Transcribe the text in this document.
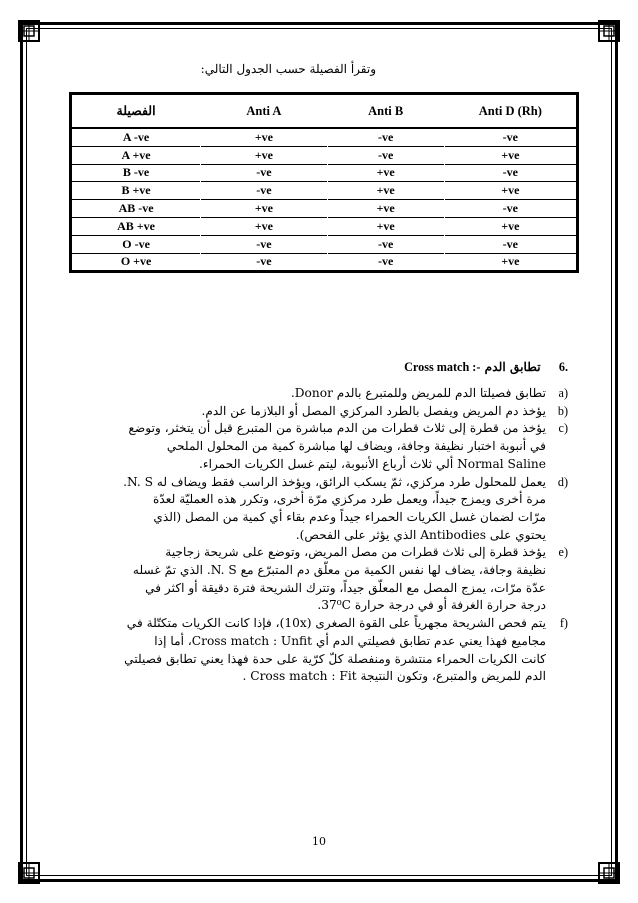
وتقرأ الفصيلة حسب الجدول التالي:
الفصيلة	Anti A	Anti B	Anti D (Rh)
A -ve	+ve	-ve	-ve
A +ve	+ve	-ve	+ve
B -ve	-ve	+ve	-ve
B +ve	-ve	+ve	+ve
AB -ve	+ve	+ve	-ve
AB +ve	+ve	+ve	+ve
O -ve	-ve	-ve	-ve
O +ve	-ve	-ve	+ve
6. تطابق الدم Cross match :-
a)
تطابق فصيلتا الدم للمريض وللمتبرع بالدم Donor.
b)
يؤخذ دم المريض ويفصل بالطرد المركزي المصل أو البلازما عن الدم.
c)
يؤخذ من قطرة إلى ثلاث قطرات من الدم مباشرة من المتبرع قبل أن يتخثر، وتوضع
في أنبوبة اختبار نظيفة وجافة، ويضاف لها مباشرة كمية من المحلول الملحي
Normal Saline ألي ثلاث أرباع الأنبوبة، ليتم غسل الكريات الحمراء.
d)
يعمل للمحلول طرد مركزي، ثمّ يسكب الرائق، ويؤخذ الراسب فقط ويضاف له N. S.
مرة أخرى ويمزج جيداً، ويعمل طرد مركزي مرّة أخرى، وتكرر هذه العمليّة لعدّة
مرّات لضمان غسل الكريات الحمراء جيداً وعدم بقاء أي كمية من المصل (الذي
يحتوي على Antibodies الذي يؤثر على الفحص).
e)
يؤخذ قطرة إلى ثلاث قطرات من مصل المريض، وتوضع على شريحة زجاجية
نظيفة وجافة، يضاف لها نفس الكمية من معلّق دم المتبرّع مع N. S. الذي تمّ غسله
عدّة مرّات، يمزج المصل مع المعلّق جيداً، وتترك الشريحة فترة دقيقة أو اكثر في
درجة حرارة الغرفة أو في درجة حرارة 37⁰C.
f)
يتم فحص الشريحة مجهرياً على القوة الصغرى (10x)، فإذا كانت الكريات متكتّلة في
مجاميع فهذا يعني عدم تطابق فصيلتي الدم أي Cross match : Unfit، أما إذا
كانت الكريات الحمراء منتشرة ومنفصلة كلّ كرّية على حدة فهذا يعني تطابق فصيلتي
الدم للمريض والمتبرع، وتكون النتيجة Cross match : Fit .
10
